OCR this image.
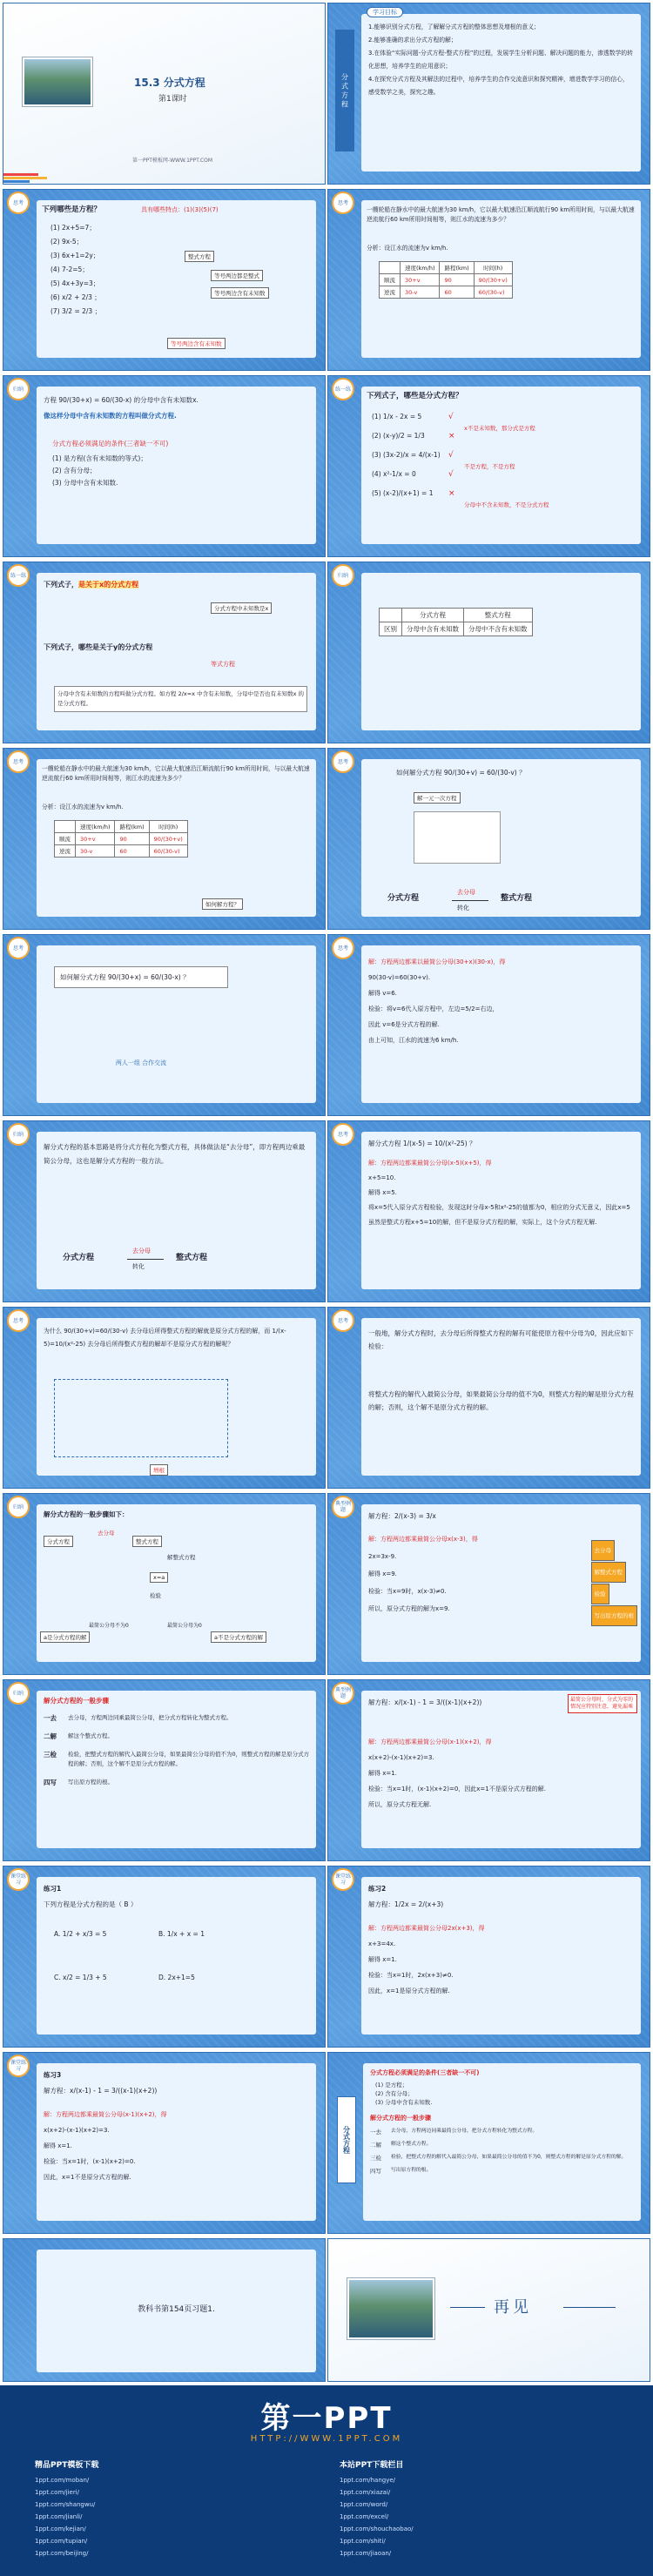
15.3 分式方程
第1课时
第一PPT模板网-WWW.1PPT.COM
分 式 方 程
学习目标
1.能够识别分式方程，了解解分式方程的整体思想及增根的意义；
2.能够准确的求出分式方程的解；
3.在体验“实际问题-分式方程-整式方程”的过程，发展学生分析问题、解决问题的能力，渗透数学的转化思想，培养学生的应用意识；
4.在探究分式方程及其解法的过程中，培养学生的合作交流意识和探究精神，增进数学学习的信心，感受数学之美，探究之趣。
思考
下列哪些是方程？	具有哪些特点：(1)(3)(5)(7)
(1) 2x+5=7；
(2) 9x-5；
(3) 6x+1=2y；
(4) 7-2=5；
(5) 4x+3y=3；
(6) x/2 + 2/3 ；
(7) 3/2 = 2/3 ；
整式方程
等号两边都是整式
等号两边含有未知数
等号两边含有未知数
思考
一艘轮船在静水中的最大航速为30 km/h，它以最大航速沿江顺流航行90 km所用时间，与以最大航速逆流航行60 km所用时间相等，则江水的流速为多少？
分析：设江水的流速为v km/h.
	速度(km/h)	路程(km)	时间(h)
顺流	30+v	90	90/(30+v)
逆流	30-v	60	60/(30-v)
归纳
方程 90/(30+x) = 60/(30-x) 的分母中含有未知数x.
像这样分母中含有未知数的方程叫做分式方程.
分式方程必须满足的条件(三者缺一不可)
(1) 是方程(含有未知数的等式)；
(2) 含有分母；
(3) 分母中含有未知数.
练一练
下列式子，哪些是分式方程？
(1) 1/x - 2x = 5
(2) (x-y)/2 = 1/3
(3) (3x-2)/x = 4/(x-1)
(4) x²-1/x = 0
(5) (x-2)/(x+1) = 1
√
×
√
√
×
x不是未知数，那分式是方程
不是方程，不是方程
分母中不含未知数，不是分式方程
练一练
下列式子，是关于x的分式方程
分式方程中未知数是x
下列式子，哪些是关于y的分式方程
等式方程
分母中含有未知数的方程叫做分式方程。如方程 2/x=x 中含有未知数，分母中是否也有未知数x 的是分式方程。
归纳
	分式方程	整式方程
区别	分母中含有未知数	分母中不含有未知数
思考
一艘轮船在静水中的最大航速为30 km/h，它以最大航速沿江顺流航行90 km所用时间，与以最大航速逆流航行60 km所用时间相等，则江水的流速为多少？
分析：设江水的流速为v km/h.
	速度(km/h)	路程(km)	时间(h)
顺流	30+v	90	90/(30+v)
逆流	30-v	60	60/(30-v)
如何解方程？
思考
如何解分式方程 90/(30+v) = 60/(30-v) ？
解一元一次方程
分式方程
去分母
转化
整式方程
思考
如何解分式方程 90/(30+x) = 60/(30-x) ？
两人一组 合作交流
思考
解：方程两边都乘以最简公分母(30+x)(30-x)，得
90(30-v)=60(30+v).
解得 v=6.
检验：将v=6代入原方程中，左边=5/2=右边，
因此 v=6是分式方程的解.
由上可知，江水的流速为6 km/h.
归纳
解分式方程的基本思路是将分式方程化为整式方程，具体做法是“去分母”，即方程两边乘最简公分母，这也是解分式方程的一般方法。
分式方程
去分母
转化
整式方程
思考
解分式方程 1/(x-5) = 10/(x²-25) ？
解：方程两边都乘最简公分母(x-5)(x+5)，得
x+5=10.
解得 x=5.
将x=5代入原分式方程检验，发现这时分母x-5和x²-25的值都为0，相应的分式无意义，因此x=5虽然是整式方程x+5=10的解，但不是原分式方程的解，实际上，这个分式方程无解.
思考
为什么 90/(30+v)=60/(30-v) 去分母后所得整式方程的解就是原分式方程的解，而 1/(x-5)=10/(x²-25) 去分母后所得整式方程的解却不是原分式方程的解呢？
增根
思考
一般地，解分式方程时，去分母后所得整式方程的解有可能使原方程中分母为0，因此应如下检验：
将整式方程的解代入最简公分母，如果最简公分母的值不为0，则整式方程的解是原分式方程的解；否则，这个解不是原分式方程的解。
归纳
解分式方程的一般步骤如下：
分式方程
去分母
整式方程
解整式方程
x=a
检验
a是分式方程的解
最简公分母不为0	最简公分母为0
a不是分式方程的解
典型例题
解方程：2/(x-3) = 3/x
解：方程两边都乘最简公分母x(x-3)，得
2x=3x-9.
解得 x=9.
检验：当x=9时，x(x-3)≠0.
所以，原分式方程的解为x=9.
去分母
解整式方程
检验
写出原方程的根
归纳
解分式方程的一般步骤
一去	去分母，方程两边同乘最简公分母，把分式方程转化为整式方程。
二解	解这个整式方程。
三检	检验，把整式方程的解代入最简公分母，如果最简公分母的值不为0，则整式方程的解是原分式方程的解；否则，这个解不是原分式方程的解。
四写	写出原方程的根。
典型例题
解方程：x/(x-1) - 1 = 3/((x-1)(x+2))	最简公分母时，分式为零的情况应特别注意，避免漏乘
解：方程两边都乘最简公分母(x-1)(x+2)，得
x(x+2)-(x-1)(x+2)=3.
解得 x=1.
检验：当x=1时，(x-1)(x+2)=0，因此x=1不是原分式方程的解.
所以，原分式方程无解.
课堂练习
练习1
下列方程是分式方程的是（ B ）
A. 1/2 + x/3 = 5	B. 1/x + x = 1
C. x/2 = 1/3 + 5	D. 2x+1=5
课堂练习
练习2
解方程：1/2x = 2/(x+3)
解：方程两边都乘最简公分母2x(x+3)，得
x+3=4x.
解得 x=1.
检验：当x=1时，2x(x+3)≠0.
因此，x=1是原分式方程的解.
课堂练习
练习3
解方程：x/(x-1) - 1 = 3/((x-1)(x+2))
解：方程两边都乘最简公分母(x-1)(x+2)，得
x(x+2)-(x-1)(x+2)=3.
解得 x=1.
检验：当x=1时，(x-1)(x+2)=0.
因此，x=1不是原分式方程的解.
分式方程
分式方程必须满足的条件(三者缺一不可)
(1) 是方程；
(2) 含有分母；
(3) 分母中含有未知数.
解分式方程的一般步骤
一去	去分母，方程两边同乘最简公分母，把分式方程转化为整式方程。
二解	解这个整式方程。
三检	检验，把整式方程的解代入最简公分母，如果最简公分母的值不为0，则整式方程的解是原分式方程的解。
四写	写出原方程的根。
教科书第154页习题1.	再见
第一PPT
HTTP://WWW.1PPT.COM
精品PPT模板下载	本站PPT下载栏目
1ppt.com/moban/
1ppt.com/jieri/
1ppt.com/shangwu/
1ppt.com/jianli/
1ppt.com/kejian/
1ppt.com/tupian/
1ppt.com/beijing/
1ppt.com/hangye/
1ppt.com/xiazai/
1ppt.com/word/
1ppt.com/excel/
1ppt.com/shouchaobao/
1ppt.com/shiti/
1ppt.com/jiaoan/
